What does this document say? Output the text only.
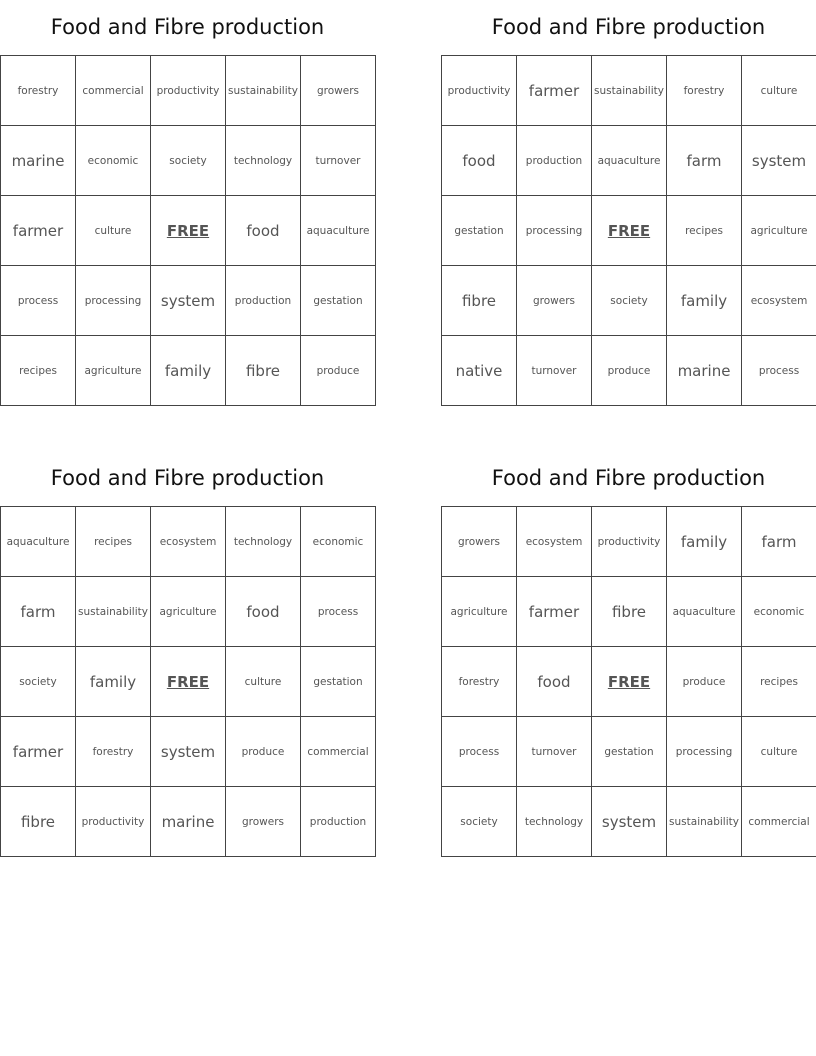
Food and Fibre production
forestry	commercial	productivity	sustainability	growers
marine	economic	society	technology	turnover
farmer	culture	FREE	food	aquaculture
process	processing	system	production	gestation
recipes	agriculture	family	fibre	produce
Food and Fibre production
productivity	farmer	sustainability	forestry	culture
food	production	aquaculture	farm	system
gestation	processing	FREE	recipes	agriculture
fibre	growers	society	family	ecosystem
native	turnover	produce	marine	process
Food and Fibre production
aquaculture	recipes	ecosystem	technology	economic
farm	sustainability	agriculture	food	process
society	family	FREE	culture	gestation
farmer	forestry	system	produce	commercial
fibre	productivity	marine	growers	production
Food and Fibre production
growers	ecosystem	productivity	family	farm
agriculture	farmer	fibre	aquaculture	economic
forestry	food	FREE	produce	recipes
process	turnover	gestation	processing	culture
society	technology	system	sustainability	commercial
